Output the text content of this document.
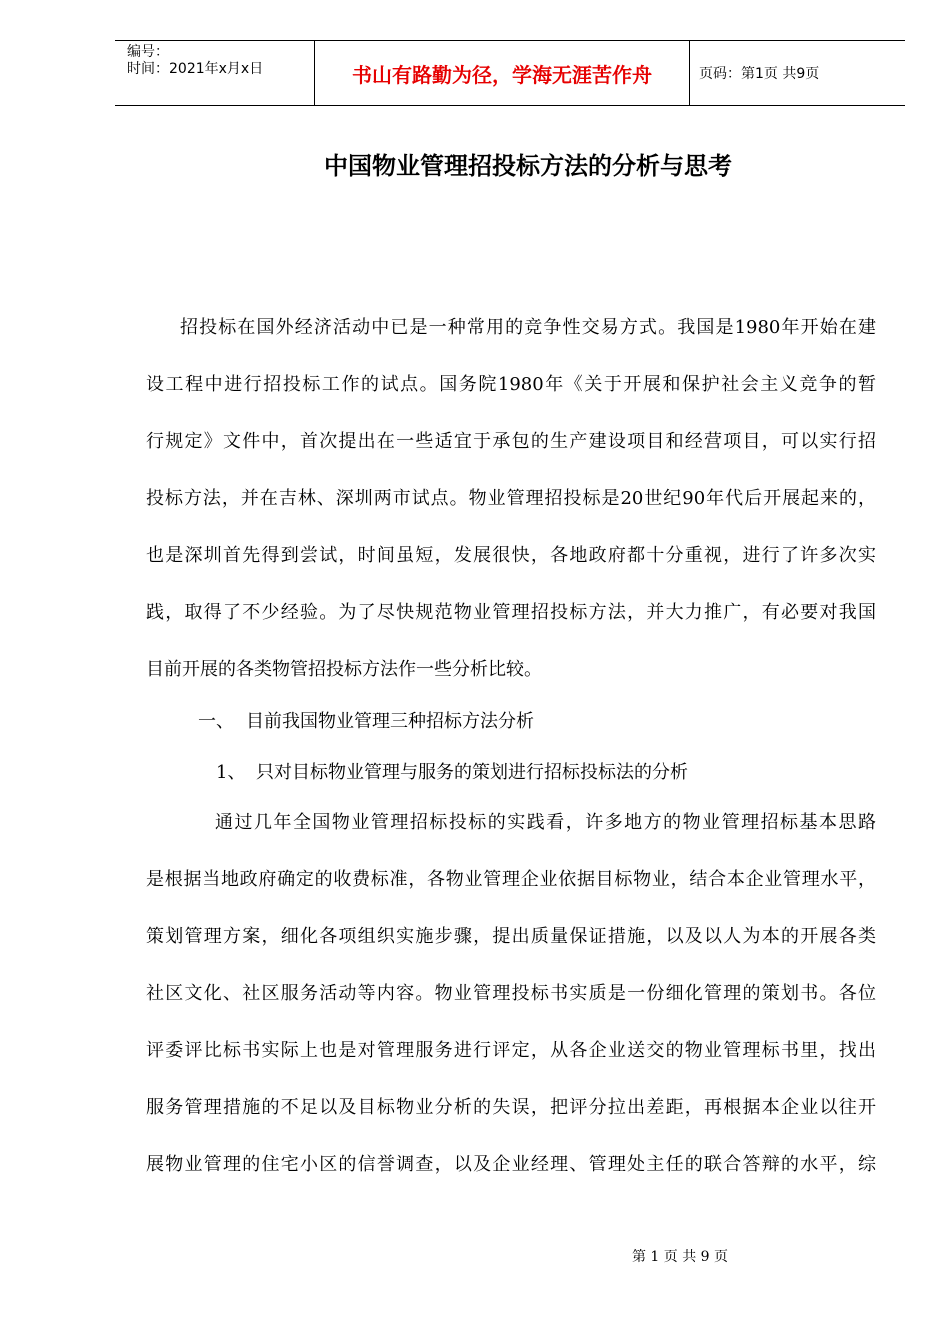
编号：
时间：2021年x月x日	书山有路勤为径，学海无涯苦作舟	页码：第1页 共9页
中国物业管理招投标方法的分析与思考
招投标在国外经济活动中已是一种常用的竞争性交易方式。我国是1980年开始在建
设工程中进行招投标工作的试点。国务院1980年《关于开展和保护社会主义竞争的暂
行规定》文件中，首次提出在一些适宜于承包的生产建设项目和经营项目，可以实行招
投标方法，并在吉林、深圳两市试点。物业管理招投标是20世纪90年代后开展起来的，
也是深圳首先得到尝试，时间虽短，发展很快，各地政府都十分重视，进行了许多次实
践，取得了不少经验。为了尽快规范物业管理招投标方法，并大力推广，有必要对我国
目前开展的各类物管招投标方法作一些分析比较。
一、 目前我国物业管理三种招标方法分析
1、 只对目标物业管理与服务的策划进行招标投标法的分析
通过几年全国物业管理招标投标的实践看，许多地方的物业管理招标基本思路
是根据当地政府确定的收费标准，各物业管理企业依据目标物业，结合本企业管理水平，
策划管理方案，细化各项组织实施步骤，提出质量保证措施，以及以人为本的开展各类
社区文化、社区服务活动等内容。物业管理投标书实质是一份细化管理的策划书。各位
评委评比标书实际上也是对管理服务进行评定，从各企业送交的物业管理标书里，找出
服务管理措施的不足以及目标物业分析的失误，把评分拉出差距，再根据本企业以往开
展物业管理的住宅小区的信誉调查，以及企业经理、管理处主任的联合答辩的水平，综
第 1 页 共 9 页
